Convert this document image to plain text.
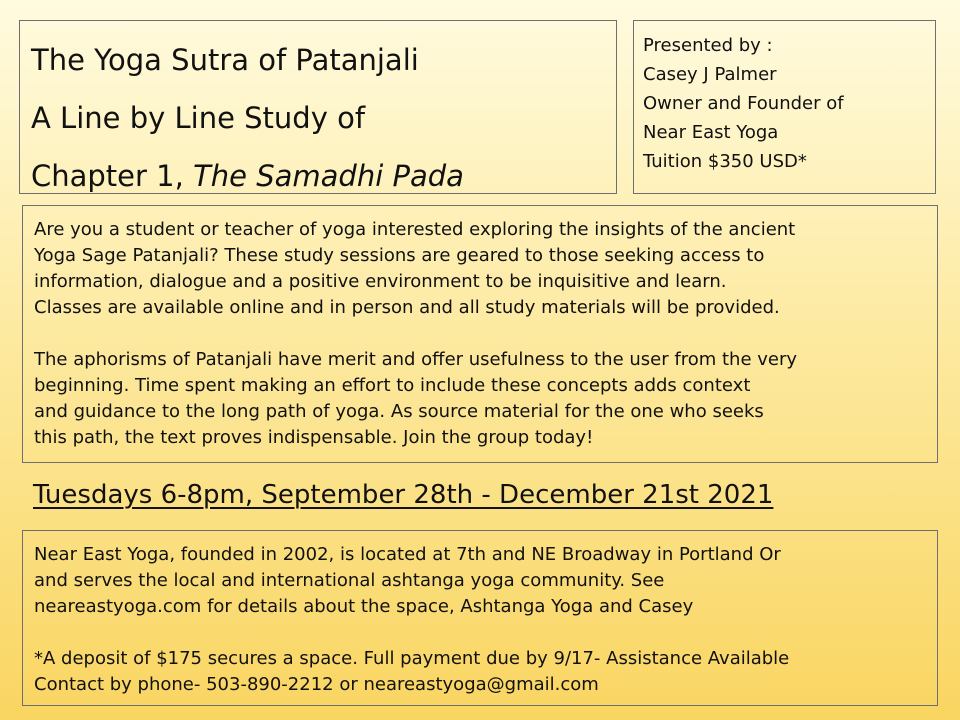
The Yoga Sutra of Patanjali
A Line by Line Study of
Chapter 1, The Samadhi Pada
Presented by :
Casey J Palmer
Owner and Founder of
Near East Yoga
Tuition $350 USD*
Are you a student or teacher of yoga interested exploring the insights of the ancient
Yoga Sage Patanjali? These study sessions are geared to those seeking access to
information, dialogue and a positive environment to be inquisitive and learn.
Classes are available online and in person and all study materials will be provided.
The aphorisms of Patanjali have merit and offer usefulness to the user from the very
beginning. Time spent making an effort to include these concepts adds context
and guidance to the long path of yoga. As source material for the one who seeks
this path, the text proves indispensable. Join the group today!
Tuesdays 6-8pm, September 28th - December 21st 2021
Near East Yoga, founded in 2002, is located at 7th and NE Broadway in Portland Or
and serves the local and international ashtanga yoga community. See
neareastyoga.com for details about the space, Ashtanga Yoga and Casey
*A deposit of $175 secures a space. Full payment due by 9/17- Assistance Available
Contact by phone- 503-890-2212 or neareastyoga@gmail.com
